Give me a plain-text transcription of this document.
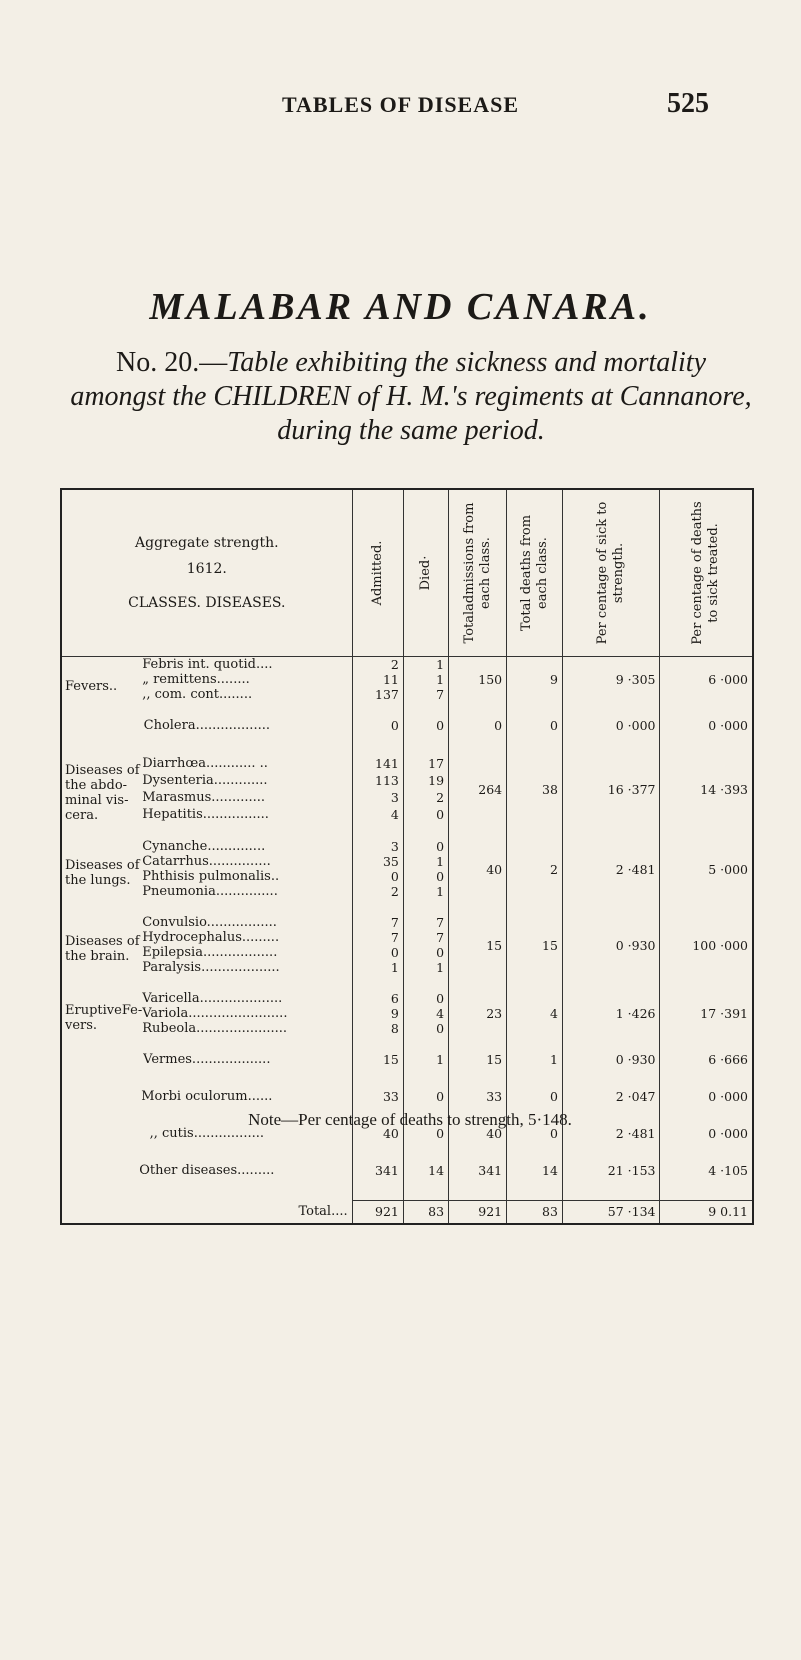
TABLES OF DISEASE	525
MALABAR AND CANARA.
No. 20.—Table exhibiting the sickness and mortality amongst the CHILDREN of H. M.'s regiments at Cannanore, during the same period.
Aggregate strength.
1612.
CLASSES. DISEASES.		Admitted.	Died·	Totaladmissions from each class.	Total deaths from each class.	Per centage of sick to strength.	Per centage of deaths to sick treated.

Fevers..	Febris int. quotid....	2	1	150	9	9 ·305	6 ·000
	„ remittens........	11	1				
	,, com. cont........	137	7				

Cholera..................		0	0	0	0	0 ·000	0 ·000

Diseases of the abdo-minal vis-cera.	Diarrhœa............ ..	141	17	264	38	16 ·377	14 ·393
	Dysenteria.............	113	19				
	Marasmus.............	3	2				
	Hepatitis................	4	0				

Diseases of the lungs.	Cynanche..............	3	0	40	2	2 ·481	5 ·000
	Catarrhus...............	35	1				
	Phthisis pulmonalis..	0	0				
	Pneumonia...............	2	1				

Diseases of the brain.	Convulsio.................	7	7	15	15	0 ·930	100 ·000
	Hydrocephalus.........	7	7				
	Epilepsia..................	0	0				
	Paralysis...................	1	1				

EruptiveFe-vers.	Varicella....................	6	0	23	4	1 ·426	17 ·391
	Variola........................	9	4				
	Rubeola......................	8	0				

Vermes...................		15	1	15	1	0 ·930	6 ·666

Morbi oculorum......		33	0	33	0	2 ·047	0 ·000

,, cutis.................		40	0	40	0	2 ·481	0 ·000

Other diseases.........		341	14	341	14	21 ·153	4 ·105

Total....		921	83	921	83	57 ·134	9 0.11
Note—Per centage of deaths to strength, 5·148.
